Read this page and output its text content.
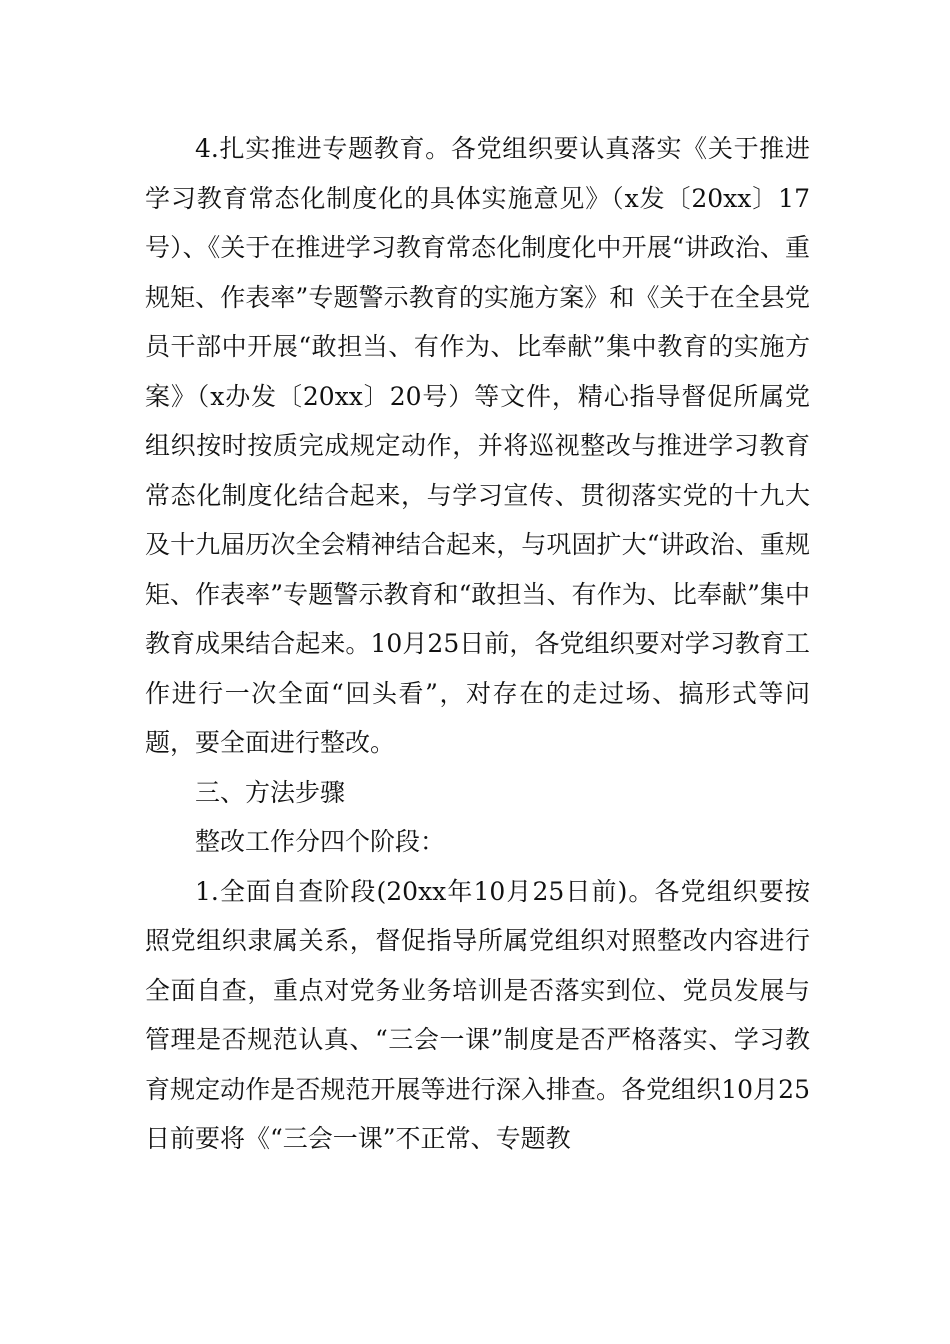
4.扎实推进专题教育。各党组织要认真落实《关于推进学习教育常态化制度化的具体实施意见》（x发〔20xx〕17号）、《关于在推进学习教育常态化制度化中开展“讲政治、重规矩、作表率”专题警示教育的实施方案》和《关于在全县党员干部中开展“敢担当、有作为、比奉献”集中教育的实施方案》（x办发〔20xx〕20号）等文件，精心指导督促所属党组织按时按质完成规定动作，并将巡视整改与推进学习教育常态化制度化结合起来，与学习宣传、贯彻落实党的十九大及十九届历次全会精神结合起来，与巩固扩大“讲政治、重规矩、作表率”专题警示教育和“敢担当、有作为、比奉献”集中教育成果结合起来。10月25日前，各党组织要对学习教育工作进行一次全面“回头看”，对存在的走过场、搞形式等问题，要全面进行整改。

三、方法步骤

整改工作分四个阶段：

1.全面自查阶段(20xx年10月25日前)。各党组织要按照党组织隶属关系，督促指导所属党组织对照整改内容进行全面自查，重点对党务业务培训是否落实到位、党员发展与管理是否规范认真、“三会一课”制度是否严格落实、学习教育规定动作是否规范开展等进行深入排查。各党组织10月25日前要将《“三会一课”不正常、专题教
